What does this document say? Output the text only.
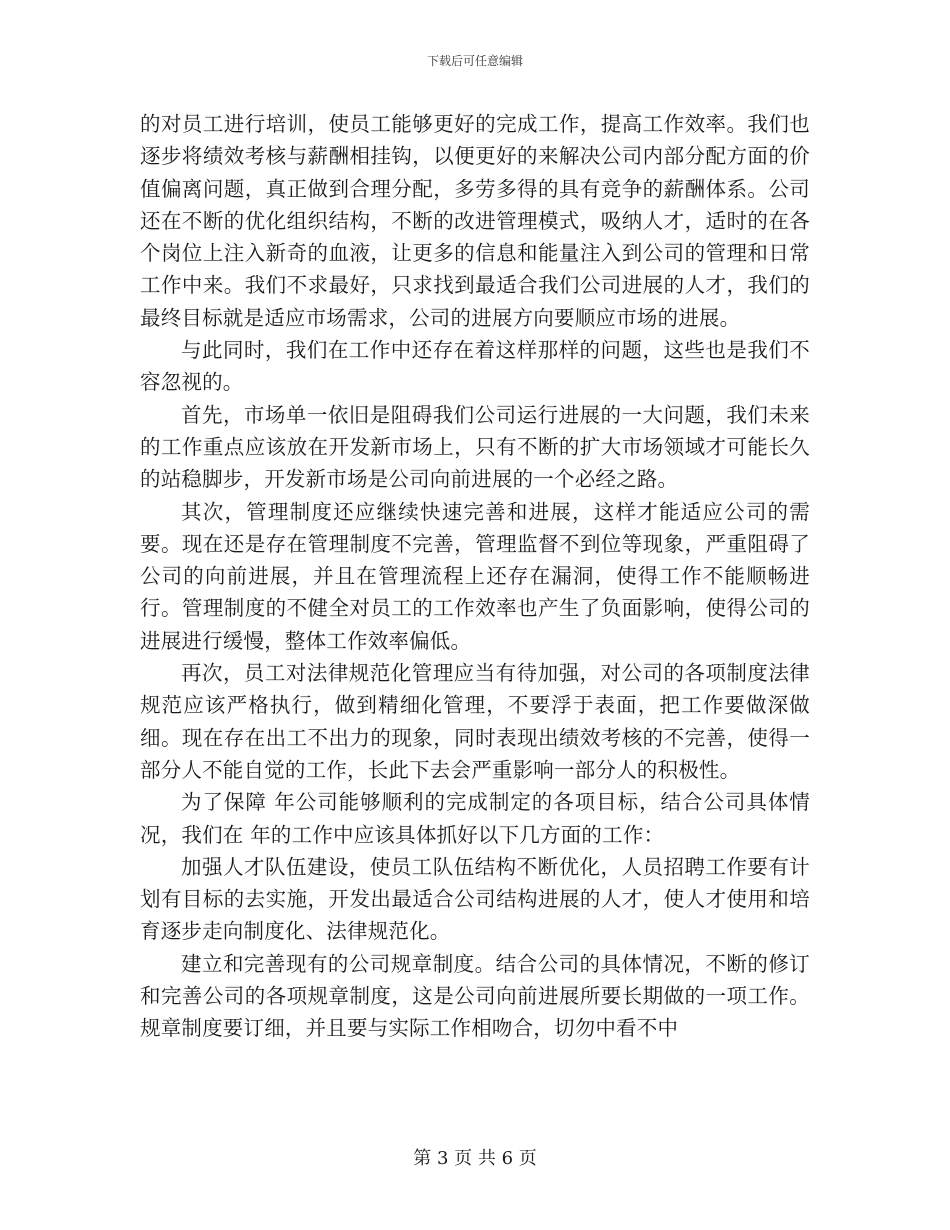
下载后可任意编辑

的对员工进行培训，使员工能够更好的完成工作，提高工作效率。我们也逐步将绩效考核与薪酬相挂钩，以便更好的来解决公司内部分配方面的价值偏离问题，真正做到合理分配，多劳多得的具有竞争的薪酬体系。公司还在不断的优化组织结构，不断的改进管理模式，吸纳人才，适时的在各个岗位上注入新奇的血液，让更多的信息和能量注入到公司的管理和日常工作中来。我们不求最好，只求找到最适合我们公司进展的人才，我们的最终目标就是适应市场需求，公司的进展方向要顺应市场的进展。

与此同时，我们在工作中还存在着这样那样的问题，这些也是我们不容忽视的。

首先，市场单一依旧是阻碍我们公司运行进展的一大问题，我们未来的工作重点应该放在开发新市场上，只有不断的扩大市场领域才可能长久的站稳脚步，开发新市场是公司向前进展的一个必经之路。

其次，管理制度还应继续快速完善和进展，这样才能适应公司的需要。现在还是存在管理制度不完善，管理监督不到位等现象，严重阻碍了公司的向前进展，并且在管理流程上还存在漏洞，使得工作不能顺畅进行。管理制度的不健全对员工的工作效率也产生了负面影响，使得公司的进展进行缓慢，整体工作效率偏低。

再次，员工对法律规范化管理应当有待加强，对公司的各项制度法律规范应该严格执行，做到精细化管理，不要浮于表面，把工作要做深做细。现在存在出工不出力的现象，同时表现出绩效考核的不完善，使得一部分人不能自觉的工作，长此下去会严重影响一部分人的积极性。

为了保障 年公司能够顺利的完成制定的各项目标，结合公司具体情况，我们在 年的工作中应该具体抓好以下几方面的工作：

加强人才队伍建设，使员工队伍结构不断优化，人员招聘工作要有计划有目标的去实施，开发出最适合公司结构进展的人才，使人才使用和培育逐步走向制度化、法律规范化。

建立和完善现有的公司规章制度。结合公司的具体情况，不断的修订和完善公司的各项规章制度，这是公司向前进展所要长期做的一项工作。规章制度要订细，并且要与实际工作相吻合，切勿中看不中

第 3 页 共 6 页
